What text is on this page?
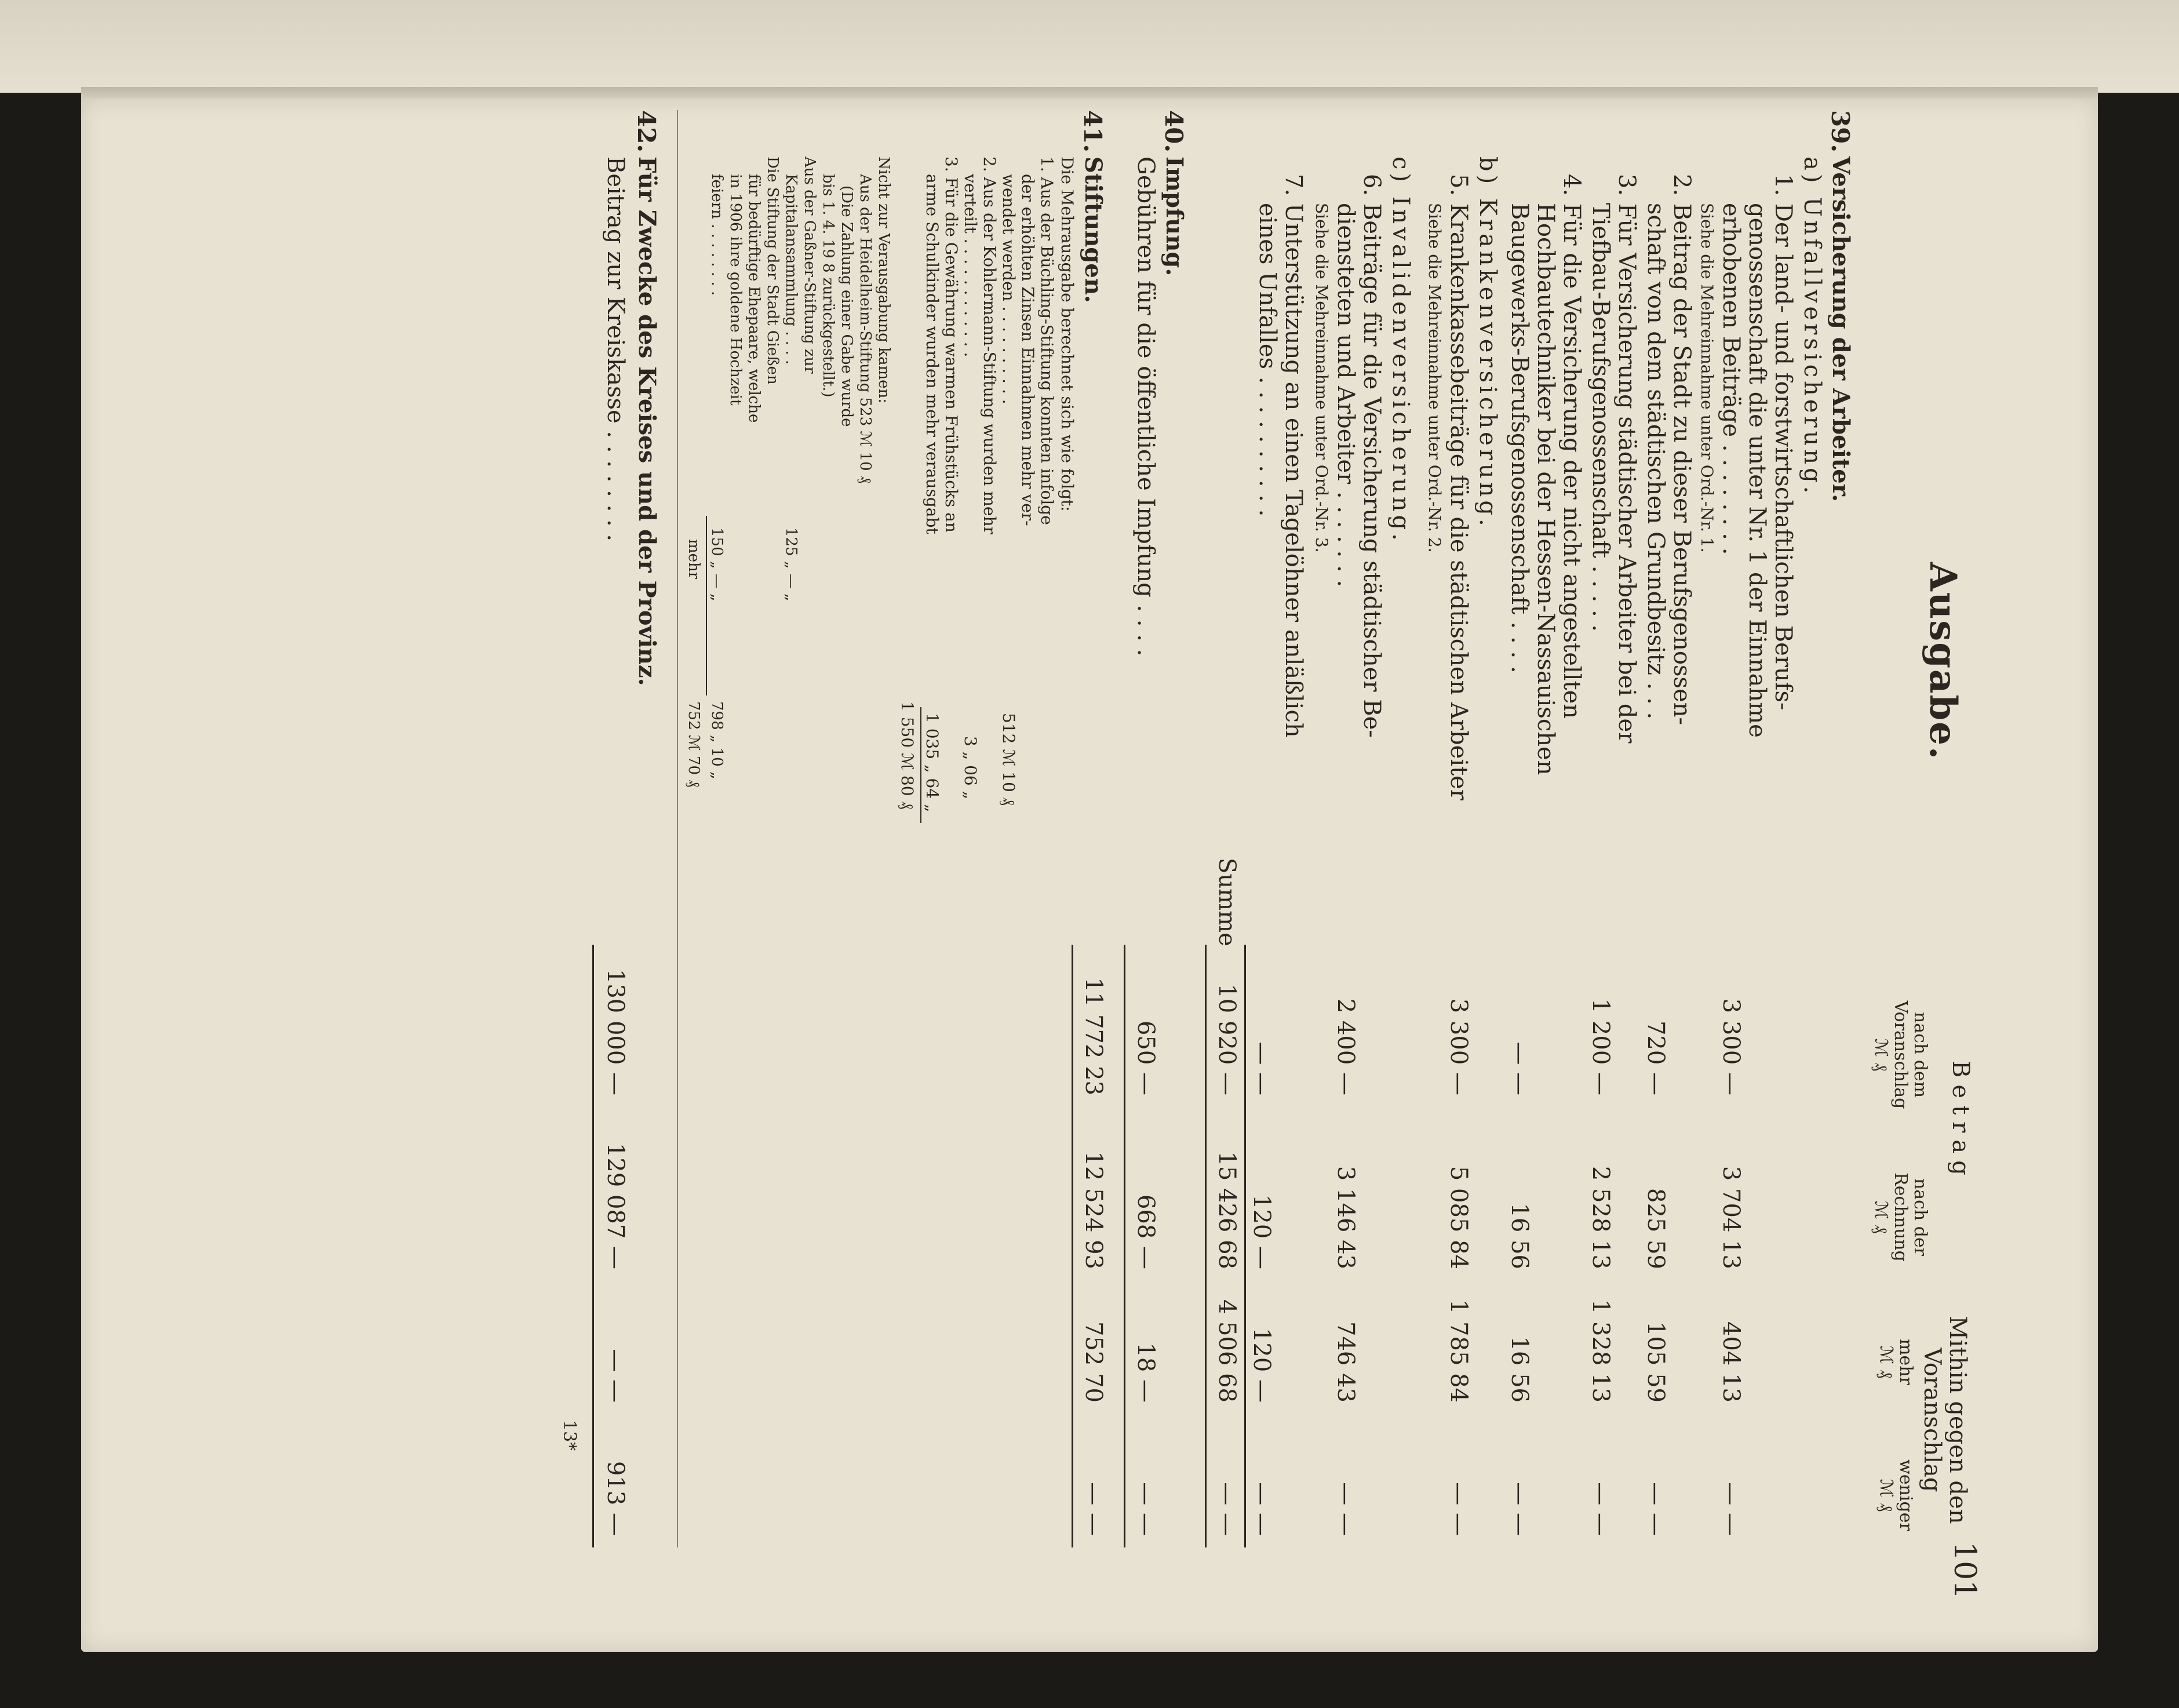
101
Ausgabe.
Betrag
nach dem
Voranschlag
ℳ ₰
nach der
Rechnung
ℳ ₰
Mithin gegen den
Voranschlag
mehr
ℳ ₰
weniger
ℳ ₰
39.
Versicherung der Arbeiter.
a) Unfallversicherung.
1. Der land- und forstwirtschaftlichen Berufs-
genossenschaft die unter Nr. 1 der Einnahme
erhobenen Beiträge . . . . . . . .
Siehe die Mehreinnahme unter Ord.-Nr. 1.
3 300 —
3 704 13
404 13
— —
2. Beitrag der Stadt zu dieser Berufsgenossen-
schaft von dem städtischen Grundbesitz . . .
720 —
825 59
105 59
— —
3. Für Versicherung städtischer Arbeiter bei der
Tiefbau-Berufsgenossenschaft . . . . .
1 200 —
2 528 13
1 328 13
— —
4. Für die Versicherung der nicht angestellten
Hochbautechniker bei der Hessen-Nassauischen
Baugewerks-Berufsgenossenschaft . . . .
— —
16 56
16 56
— —
b) Krankenversicherung.
5. Krankenkassebeiträge für die städtischen Arbeiter
Siehe die Mehreinnahme unter Ord.-Nr. 2.
3 300 —
5 085 84
1 785 84
— —
c) Invalidenversicherung.
6. Beiträge für die Versicherung städtischer Be-
diensteten und Arbeiter . . . . . . .
Siehe die Mehreinnahme unter Ord.-Nr. 3.
2 400 —
3 146 43
746 43
— —
7. Unterstützung an einen Tagelöhner anläßlich
eines Unfalles . . . . . . . . . .
— —
120 —
120 —
— —
Summe
10 920 —
15 426 68
4 506 68
— —
40.
Impfung.
Gebühren für die öffentliche Impfung . . . .
650 —
668 —
18 —
— —
41.
Stiftungen.
11 772 23
12 524 93
752 70
— —
Die Mehrausgabe berechnet sich wie folgt:
1. Aus der Büchling-Stiftung konnten infolge
der erhöhten Zinsen Einnahmen mehr ver-
wendet werden . . . . . . . . . .
512 ℳ 10 ₰
2. Aus der Kohlermann-Stiftung wurden mehr
verteilt . . . . . . . . . . . .
3 „ 06 „
3. Für die Gewährung warmen Frühstücks an
arme Schulkinder wurden mehr verausgabt
1 035 „ 64 „
1 550 ℳ 80 ₰
Nicht zur Verausgabung kamen:
Aus der Heidelheim-Stiftung 523 ℳ 10 ₰
(Die Zahlung einer Gabe wurde
bis 1. 4. 19 8 zurückgestellt.)
Aus der Gaßner-Stiftung zur
Kapitalansammlung . . . .
125 „ — „
Die Stiftung der Stadt Gießen
für bedürftige Ehepaare, welche
in 1906 ihre goldene Hochzeit
feiern . . . . . . . .
150 „ — „
mehr
798 „ 10 „
752 ℳ 70 ₰
42.
Für Zwecke des Kreises und der Provinz.
Beitrag zur Kreiskasse . . . . . . . .
130 000 —
129 087 —
— —
913 —
13*
